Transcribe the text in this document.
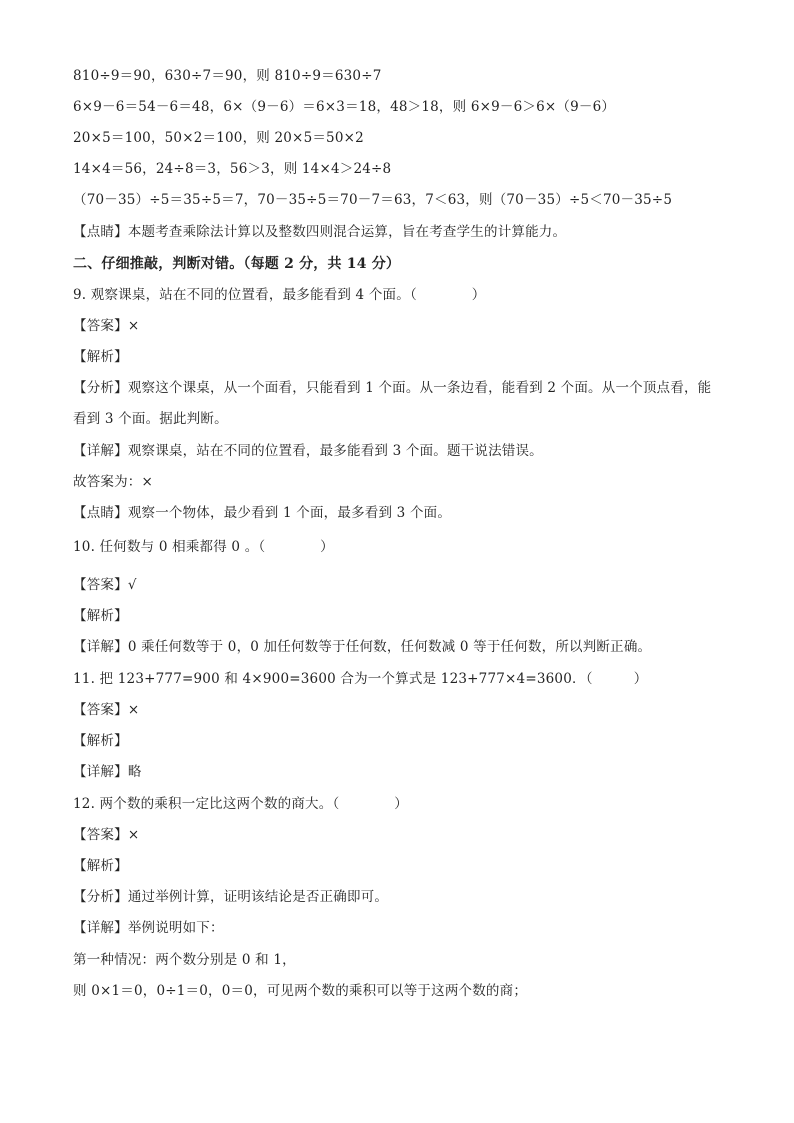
810÷9＝90，630÷7＝90，则 810÷9＝630÷7
6×9－6＝54－6＝48，6×（9－6）＝6×3＝18，48＞18，则 6×9－6＞6×（9－6）
20×5＝100，50×2＝100，则 20×5＝50×2
14×4＝56，24÷8＝3，56＞3，则 14×4＞24÷8
（70－35）÷5＝35÷5＝7，70－35÷5＝70－7＝63，7＜63，则（70－35）÷5＜70－35÷5
【点睛】本题考查乘除法计算以及整数四则混合运算，旨在考查学生的计算能力。
二、仔细推敲，判断对错。（每题 2 分，共 14 分）
9. 观察课桌，站在不同的位置看，最多能看到 4 个面。（　　　　）
【答案】×
【解析】
【分析】观察这个课桌，从一个面看，只能看到 1 个面。从一条边看，能看到 2 个面。从一个顶点看，能
看到 3 个面。据此判断。
【详解】观察课桌，站在不同的位置看，最多能看到 3 个面。题干说法错误。
故答案为：×
【点睛】观察一个物体，最少看到 1 个面，最多看到 3 个面。
10. 任何数与 0 相乘都得 0 。（　　　　）
【答案】√
【解析】
【详解】0 乘任何数等于 0，0 加任何数等于任何数，任何数减 0 等于任何数，所以判断正确。
11. 把 123+777=900 和 4×900=3600 合为一个算式是 123+777×4=3600．（　　　）
【答案】×
【解析】
【详解】略
12. 两个数的乘积一定比这两个数的商大。（　　　　）
【答案】×
【解析】
【分析】通过举例计算，证明该结论是否正确即可。
【详解】举例说明如下：
第一种情况：两个数分别是 0 和 1，
则 0×1＝0，0÷1＝0，0＝0，可见两个数的乘积可以等于这两个数的商；
